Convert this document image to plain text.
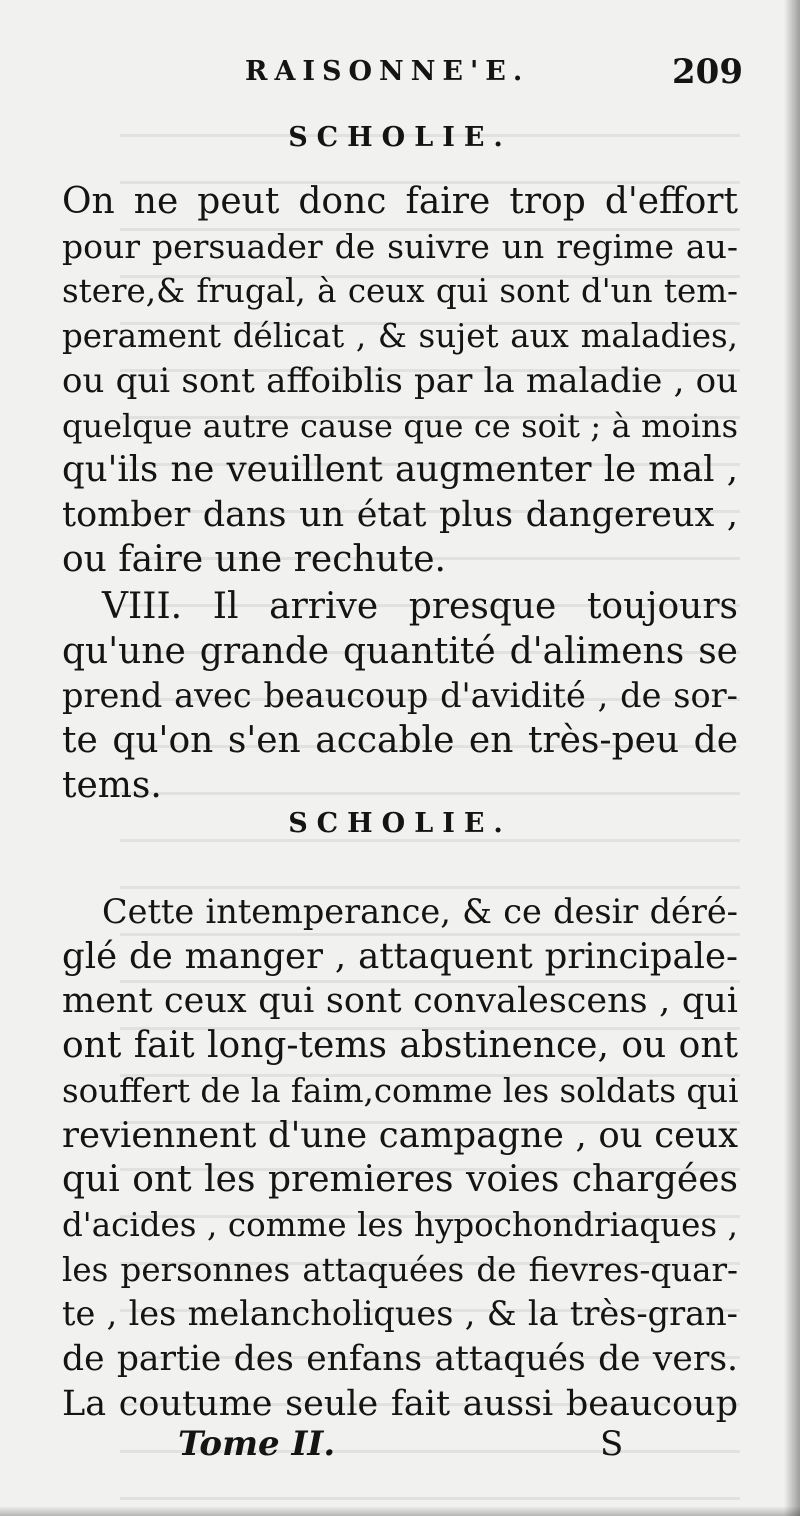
RAISONNE'E.	209
SCHOLIE.

On ne peut donc faire trop d'effort
pour persuader de suivre un regime au-
stere,& frugal, à ceux qui sont d'un tem-
perament délicat , & sujet aux maladies,
ou qui sont affoiblis par la maladie , ou
quelque autre cause que ce soit ; à moins
qu'ils ne veuillent augmenter le mal ,
tomber dans un état plus dangereux ,
ou faire une rechute.

VIII. Il arrive presque toujours
qu'une grande quantité d'alimens se
prend avec beaucoup d'avidité , de sor-
te qu'on s'en accable en très-peu de
tems.

SCHOLIE.

Cette intemperance, & ce desir déré-
glé de manger , attaquent principale-
ment ceux qui sont convalescens , qui
ont fait long-tems abstinence, ou ont
souffert de la faim,comme les soldats qui
reviennent d'une campagne , ou ceux
qui ont les premieres voies chargées
d'acides , comme les hypochondriaques ,
les personnes attaquées de fievres-quar-
te , les melancholiques , & la très-gran-
de partie des enfans attaqués de vers.
La coutume seule fait aussi beaucoup

Tome II.	S
